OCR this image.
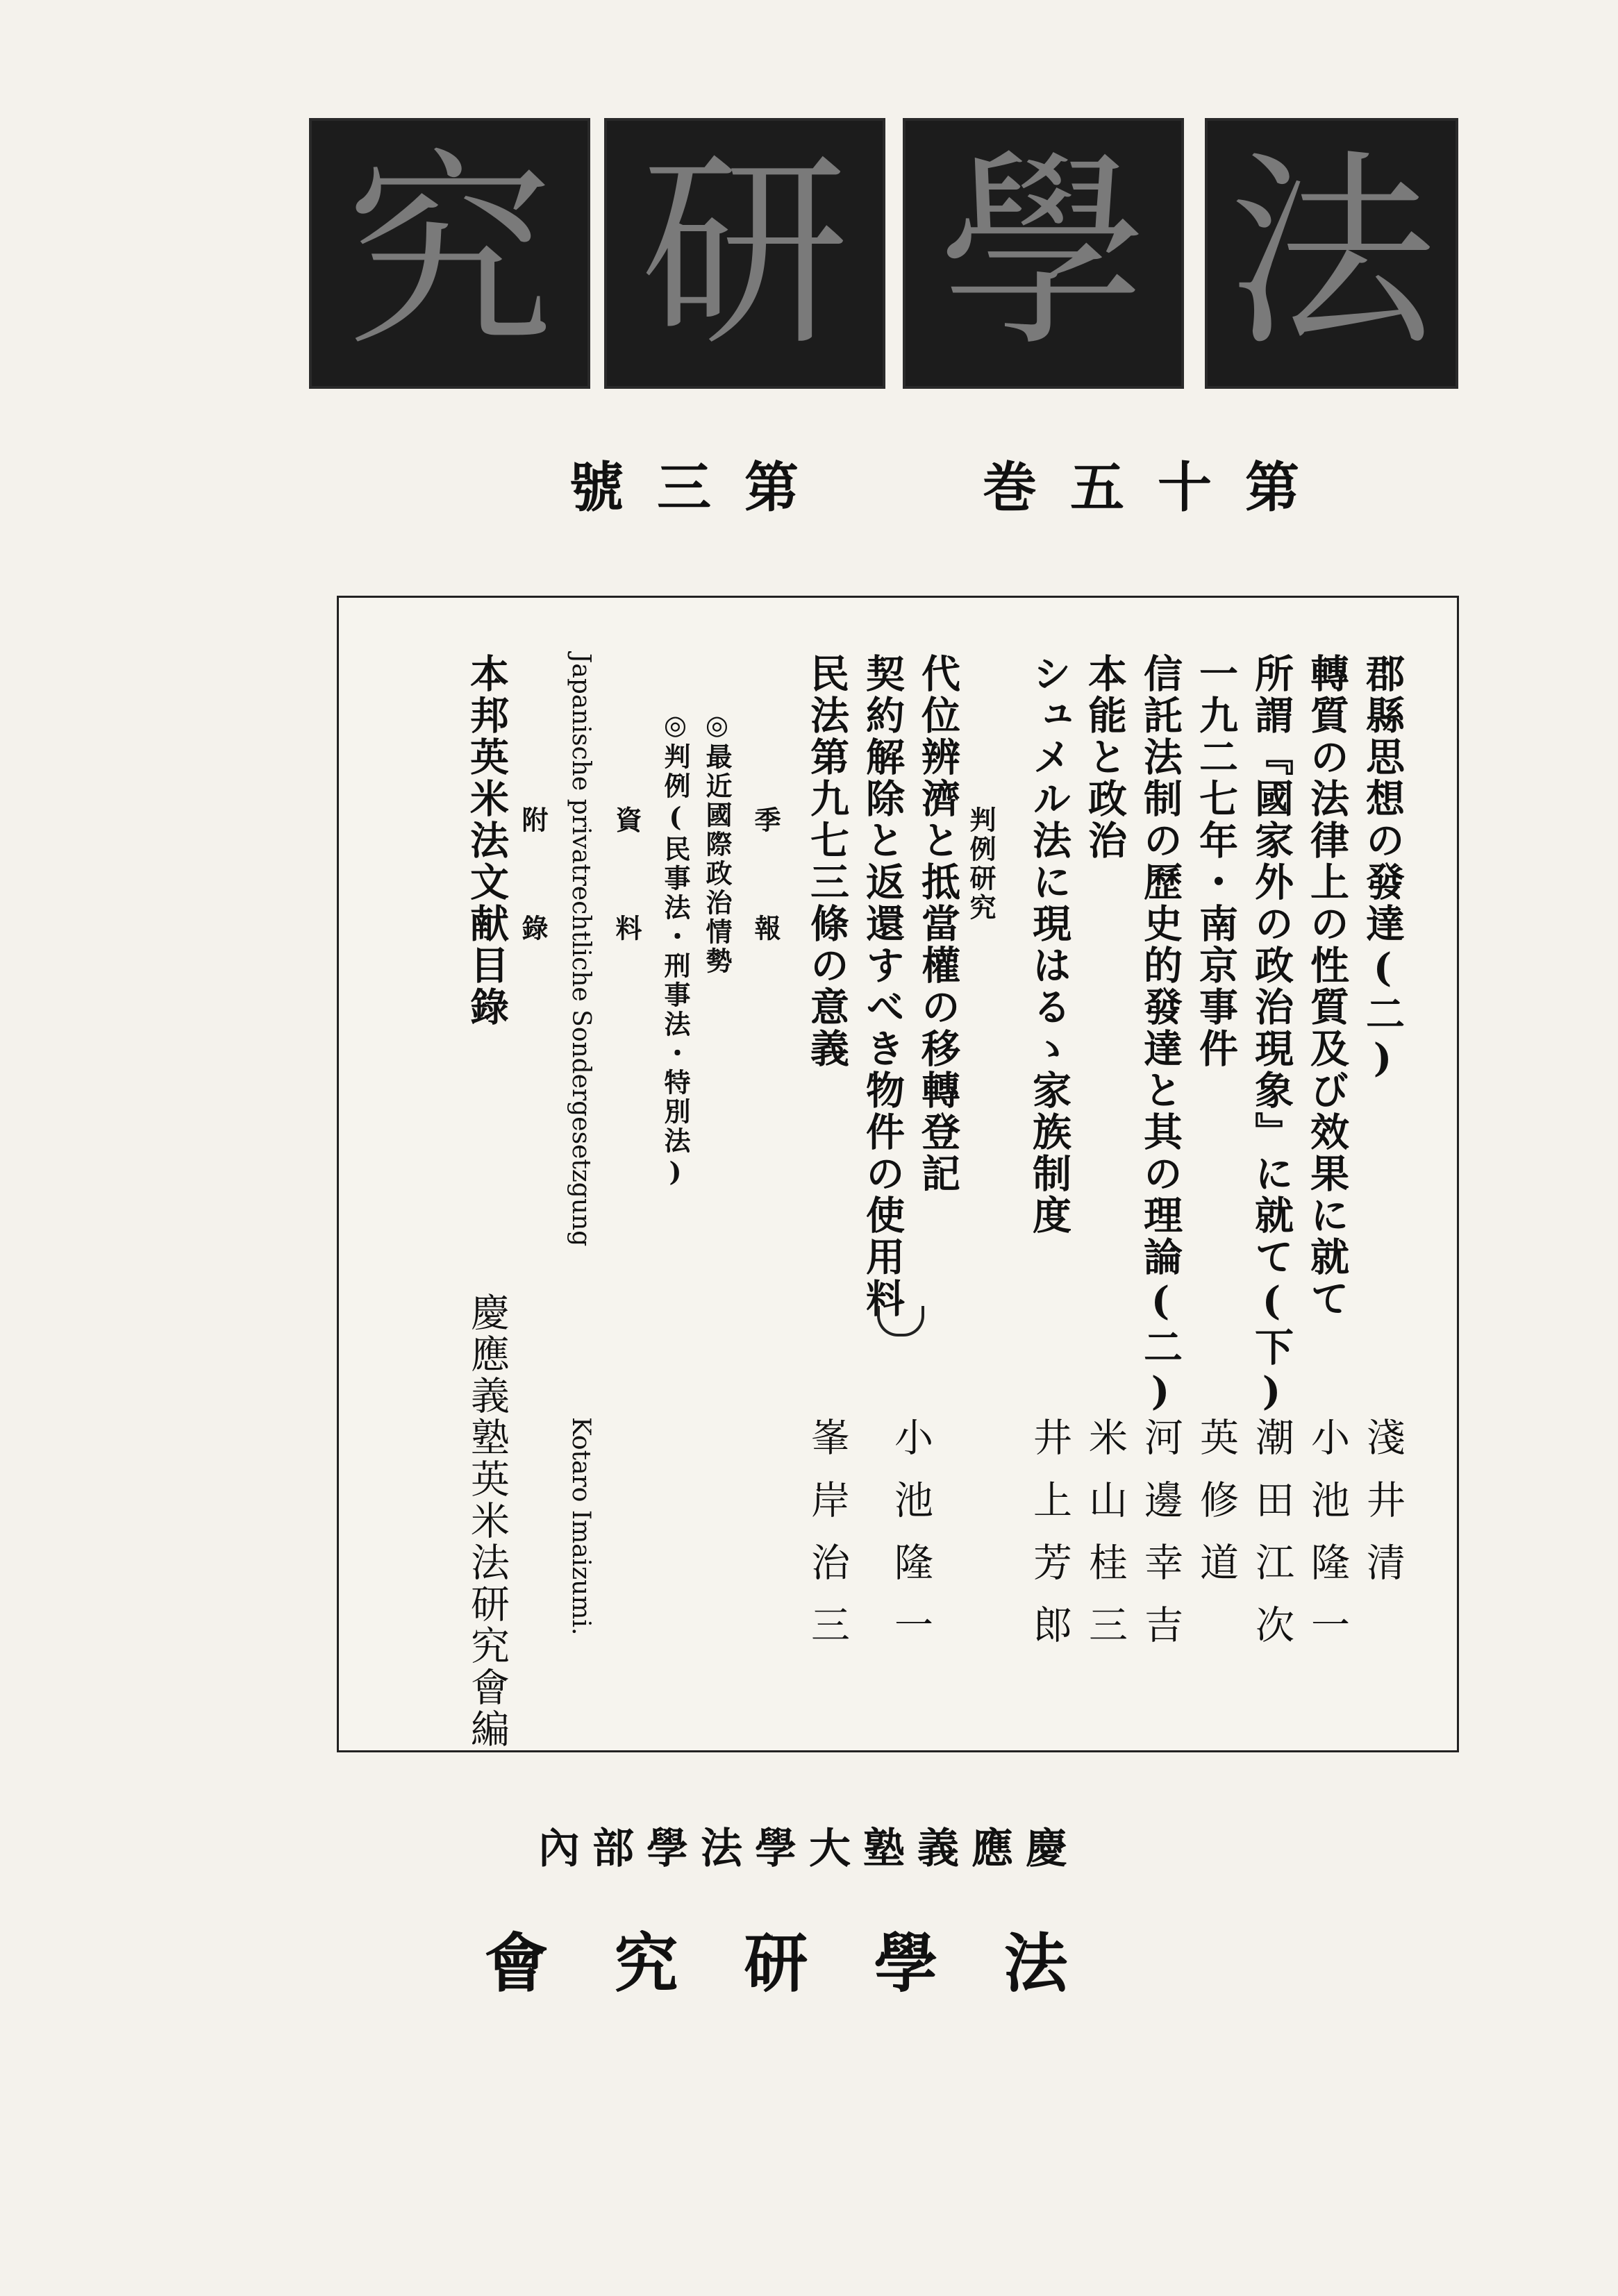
究 研 學 法
號三第	巻五十第
郡縣思想の發達(二)
轉質の法律上の性質及び效果に就て
所謂『國家外の政治現象』に就て(下)
一九二七年・南京事件
信託法制の歷史的發達と其の理論(二)
本能と政治
シュメル法に現はるゝ家族制度
淺井清
小池隆一
潮田江次
英修道
河邊幸吉
米山桂三
井上芳郎
判例研究
代位辨濟と抵當權の移轉登記
契約解除と返還すべき物件の使用料
小池隆一
民法第九七三條の意義
峯岸治三
季　報
◎最近國際政治情勢
◎判例(民事法・刑事法・特別法)
資　料
Japanische privatrechtliche Sondergesetzgung
Kotaro Imaizumi.
附　錄
本邦英米法文献目錄
慶應義塾英米法研究會編
內部學法學大塾義應慶
會究研學法
